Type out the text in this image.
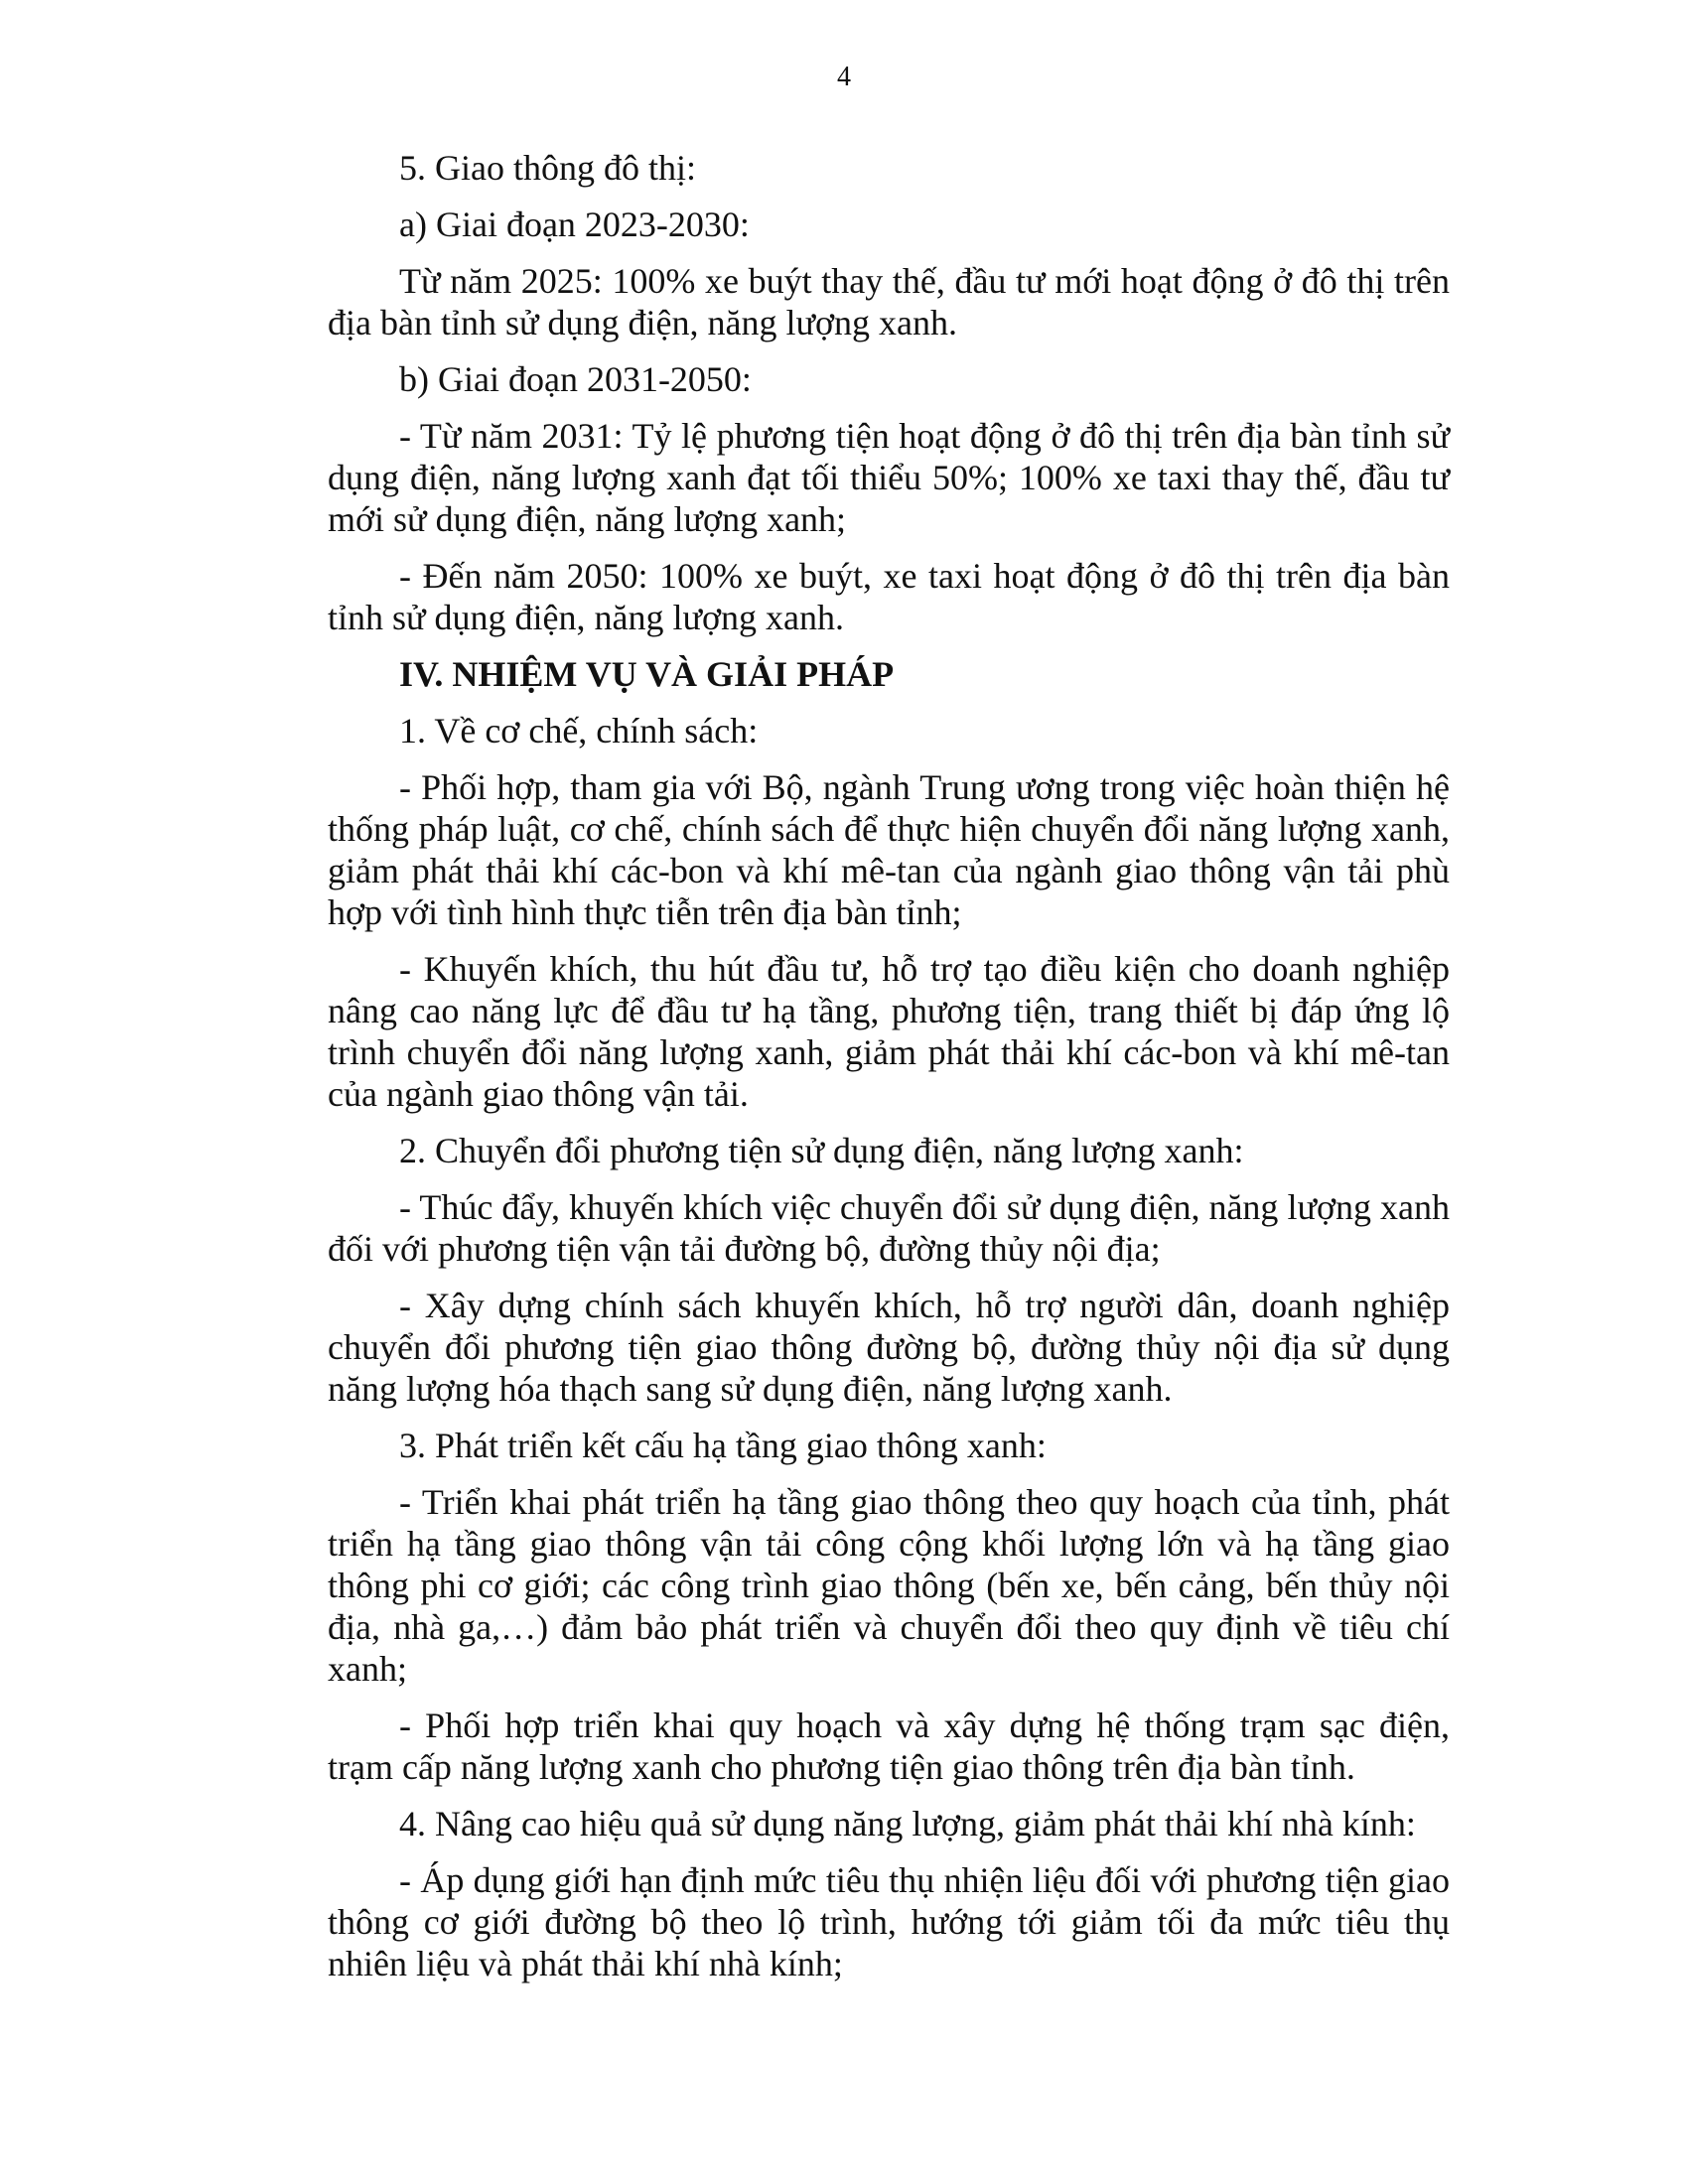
4

5. Giao thông đô thị:

a) Giai đoạn 2023-2030:

Từ năm 2025: 100% xe buýt thay thế, đầu tư mới hoạt động ở đô thị trên địa bàn tỉnh sử dụng điện, năng lượng xanh.

b) Giai đoạn 2031-2050:

- Từ năm 2031: Tỷ lệ phương tiện hoạt động ở đô thị trên địa bàn tỉnh sử dụng điện, năng lượng xanh đạt tối thiểu 50%; 100% xe taxi thay thế, đầu tư mới sử dụng điện, năng lượng xanh;

- Đến năm 2050: 100% xe buýt, xe taxi hoạt động ở đô thị trên địa bàn tỉnh sử dụng điện, năng lượng xanh.

IV. NHIỆM VỤ VÀ GIẢI PHÁP

1. Về cơ chế, chính sách:

- Phối hợp, tham gia với Bộ, ngành Trung ương trong việc hoàn thiện hệ thống pháp luật, cơ chế, chính sách để thực hiện chuyển đổi năng lượng xanh, giảm phát thải khí các-bon và khí mê-tan của ngành giao thông vận tải phù hợp với tình hình thực tiễn trên địa bàn tỉnh;

- Khuyến khích, thu hút đầu tư, hỗ trợ tạo điều kiện cho doanh nghiệp nâng cao năng lực để đầu tư hạ tầng, phương tiện, trang thiết bị đáp ứng lộ trình chuyển đổi năng lượng xanh, giảm phát thải khí các-bon và khí mê-tan của ngành giao thông vận tải.

2. Chuyển đổi phương tiện sử dụng điện, năng lượng xanh:

- Thúc đẩy, khuyến khích việc chuyển đổi sử dụng điện, năng lượng xanh đối với phương tiện vận tải đường bộ, đường thủy nội địa;

- Xây dựng chính sách khuyến khích, hỗ trợ người dân, doanh nghiệp chuyển đổi phương tiện giao thông đường bộ, đường thủy nội địa sử dụng năng lượng hóa thạch sang sử dụng điện, năng lượng xanh.

3. Phát triển kết cấu hạ tầng giao thông xanh:

- Triển khai phát triển hạ tầng giao thông theo quy hoạch của tỉnh, phát triển hạ tầng giao thông vận tải công cộng khối lượng lớn và hạ tầng giao thông phi cơ giới; các công trình giao thông (bến xe, bến cảng, bến thủy nội địa, nhà ga,…) đảm bảo phát triển và chuyển đổi theo quy định về tiêu chí xanh;

- Phối hợp triển khai quy hoạch và xây dựng hệ thống trạm sạc điện, trạm cấp năng lượng xanh cho phương tiện giao thông trên địa bàn tỉnh.

4. Nâng cao hiệu quả sử dụng năng lượng, giảm phát thải khí nhà kính:

- Áp dụng giới hạn định mức tiêu thụ nhiện liệu đối với phương tiện giao thông cơ giới đường bộ theo lộ trình, hướng tới giảm tối đa mức tiêu thụ nhiên liệu và phát thải khí nhà kính;
